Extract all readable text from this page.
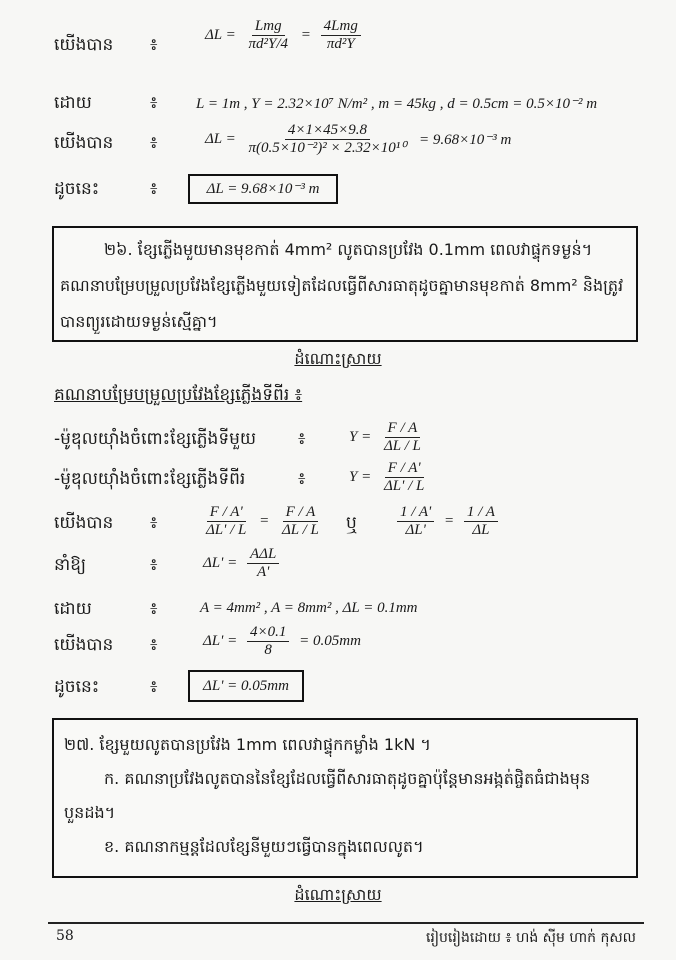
យើងបាន ៖	$\Delta L = \frac{\text{Lmg}}{\text{πd²Y/4}} = \frac{\text{4Lmg}}{\text{πd²Y}}$
ដោយ	៖	L = 1m , Y = 2.32×10⁷ N/m² , m = 45kg , d = 0.5cm = 0.5×10⁻² m
យើងបាន ៖	$\Delta L = \frac{4\times 1\times 45\times 9.8}{\text{π(0.5×10⁻²)² × 2.32×10¹⁰}} = 9.68\times 10^{-3}$ m
ដូចនេះ	៖	ΔL = 9.68×10⁻³ m
២៦. ខ្សែភ្លើងមួយមានមុខកាត់ 4mm² លូតបានប្រវែង 0.1mm ពេលវាផ្ទុកទម្ងន់។ គណនាបម្រែបម្រួលប្រវែងខ្សែភ្លើងមួយទៀតដែលធ្វើពីសារធាតុដូចគ្នាមានមុខកាត់ 8mm² និងត្រូវបានព្យួរដោយទម្ងន់ស្មើគ្នា។
ដំណោះស្រាយ
គណនាបម្រែបម្រួលប្រវែងខ្សែភ្លើងទីពីរ ៖
-ម៉ូឌុលយ៉ាំងចំពោះខ្សែភ្លើងទីមួយ ៖	$Y = \frac{F / A}{\Delta L / L}$
-ម៉ូឌុលយ៉ាំងចំពោះខ្សែភ្លើងទីពីរ	៖	$Y = \frac{F / A'}{\Delta L' / L}$
យើងបាន ៖	$\frac{F / A'}{\Delta L' / L} = \frac{F / A}{\Delta L / L}$ ឬ	$\frac{1 / A'}{\Delta L'} = \frac{1 / A}{\Delta L}$
នាំឱ្យ	៖	$\Delta L' = \frac{\text{AΔL}}{A'}$
ដោយ	៖	A = 4mm² , A = 8mm² , ΔL = 0.1mm
យើងបាន ៖	$\Delta L' = \frac{4\times 0.1}{8} = 0.05mm$
ដូចនេះ	៖	ΔL' = 0.05mm
២៧. ខ្សែមួយលូតបានប្រវែង 1mm ពេលវាផ្ទុកកម្លាំង 1kN ។
ក. គណនាប្រវែងលូតបាននៃខ្សែដែលធ្វើពីសារធាតុដូចគ្នាប៉ុន្តែមានអង្កត់ផ្ចិតធំជាងមុន
បួនដង។
ខ. គណនាកម្មន្តដែលខ្សែនីមួយៗធ្វើបានក្នុងពេលលូត។
ដំណោះស្រាយ
58	រៀបរៀងដោយ ៖ ហង់ ស៊ីម ហាក់ កុសល
